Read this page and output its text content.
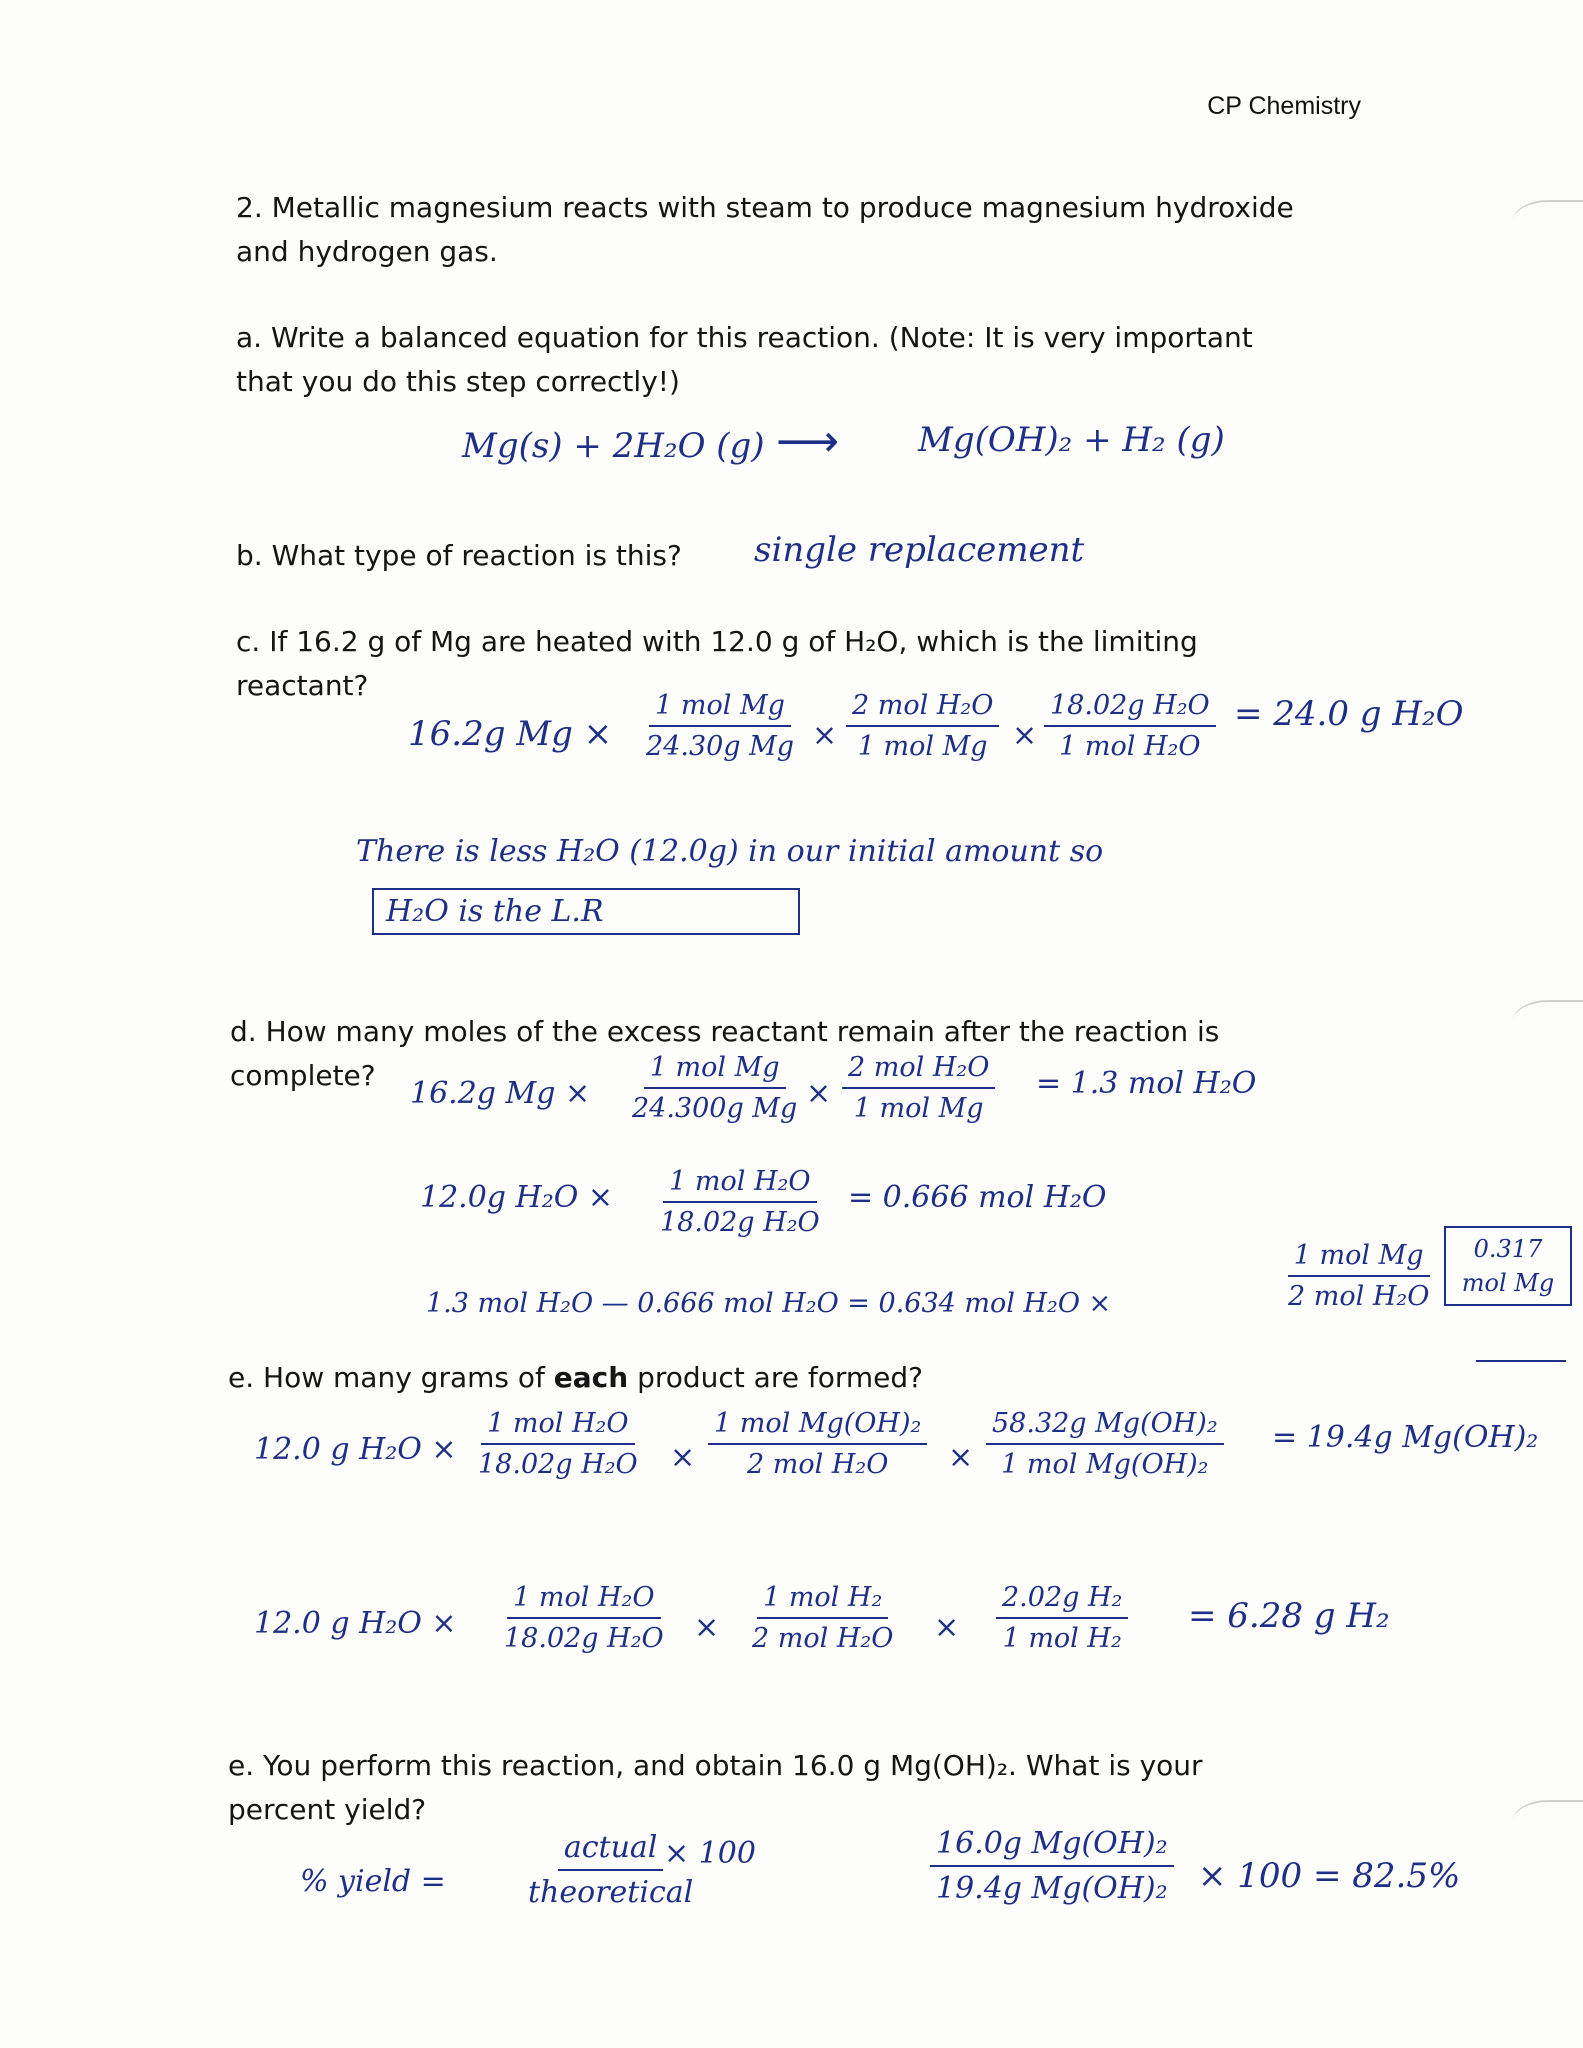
CP Chemistry
2. Metallic magnesium reacts with steam to produce magnesium hydroxide
and hydrogen gas.
a. Write a balanced equation for this reaction. (Note: It is very important
that you do this step correctly!)
Mg(s) + 2H₂O (g) ⟶ Mg(OH)₂ + H₂ (g)
b. What type of reaction is this? single replacement
c. If 16.2 g of Mg are heated with 12.0 g of H₂O, which is the limiting
reactant?
16.2g Mg ×
1 mol Mg
24.30g Mg ×
2 mol H₂O
1 mol Mg ×
18.02g H₂O
1 mol H₂O
= 24.0 g H₂O
There is less H₂O (12.0g) in our initial amount so
H₂O is the L.R
d. How many moles of the excess reactant remain after the reaction is
complete?
16.2g Mg ×
1 mol Mg
24.300g Mg ×
2 mol H₂O
1 mol Mg
= 1.3 mol H₂O
12.0g H₂O × 1 mol H₂O
18.02g H₂O
= 0.666 mol H₂O
1.3 mol H₂O — 0.666 mol H₂O = 0.634 mol H₂O ×
1 mol Mg
2 mol H₂O
0.317 mol Mg
e. How many grams of each product are formed?
12.0 g H₂O ×
1 mol H₂O
18.02g H₂O ×
1 mol Mg(OH)₂
2 mol H₂O ×
58.32g Mg(OH)₂
1 mol Mg(OH)₂
= 19.4g Mg(OH)₂
12.0 g H₂O ×
1 mol H₂O
18.02g H₂O ×
1 mol H₂
2 mol H₂O ×
2.02g H₂
1 mol H₂
= 6.28 g H₂
e. You perform this reaction, and obtain 16.0 g Mg(OH)₂. What is your
percent yield?
% yield =
actual
theoretical
× 100	$\frac{\text{16.0g Mg(OH)₂}}{\text{19.4g Mg(OH)₂}} \times 100 = 82.5\%$
